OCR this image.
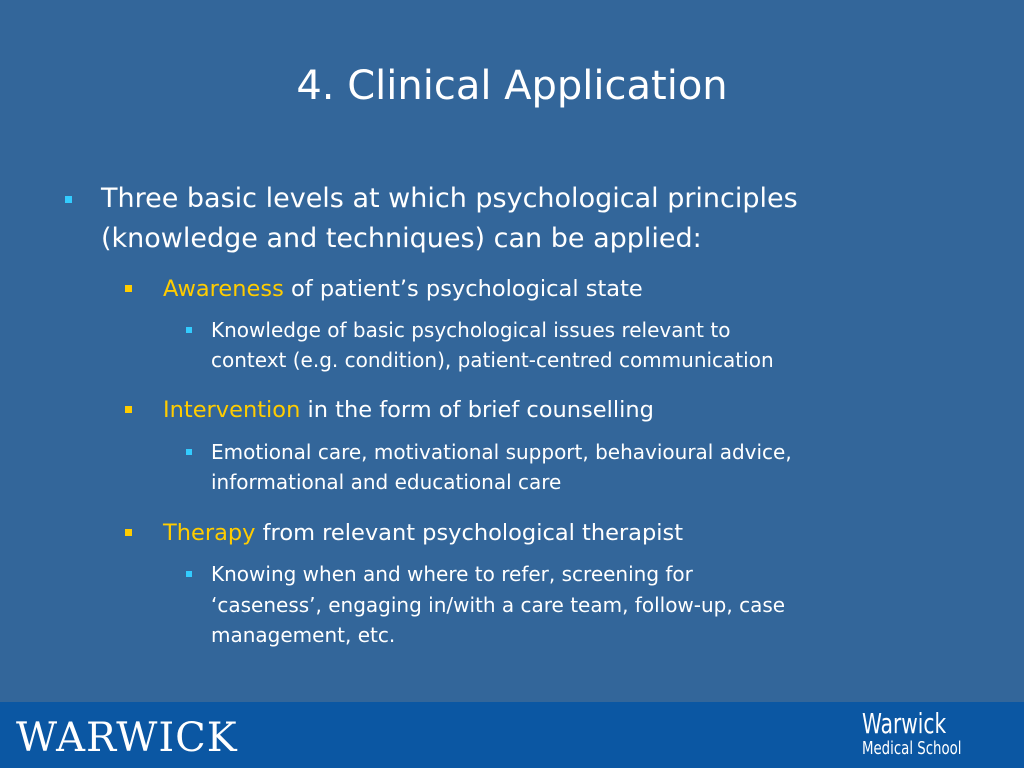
4. Clinical Application
Three basic levels at which psychological principles
(knowledge and techniques) can be applied:
Awareness of patient’s psychological state
Knowledge of basic psychological issues relevant to
context (e.g. condition), patient-centred communication
Intervention in the form of brief counselling
Emotional care, motivational support, behavioural advice,
informational and educational care
Therapy from relevant psychological therapist
Knowing when and where to refer, screening for
‘caseness’, engaging in/with a care team, follow-up, case
management, etc.
WARWICK	Warwick
Medical School
